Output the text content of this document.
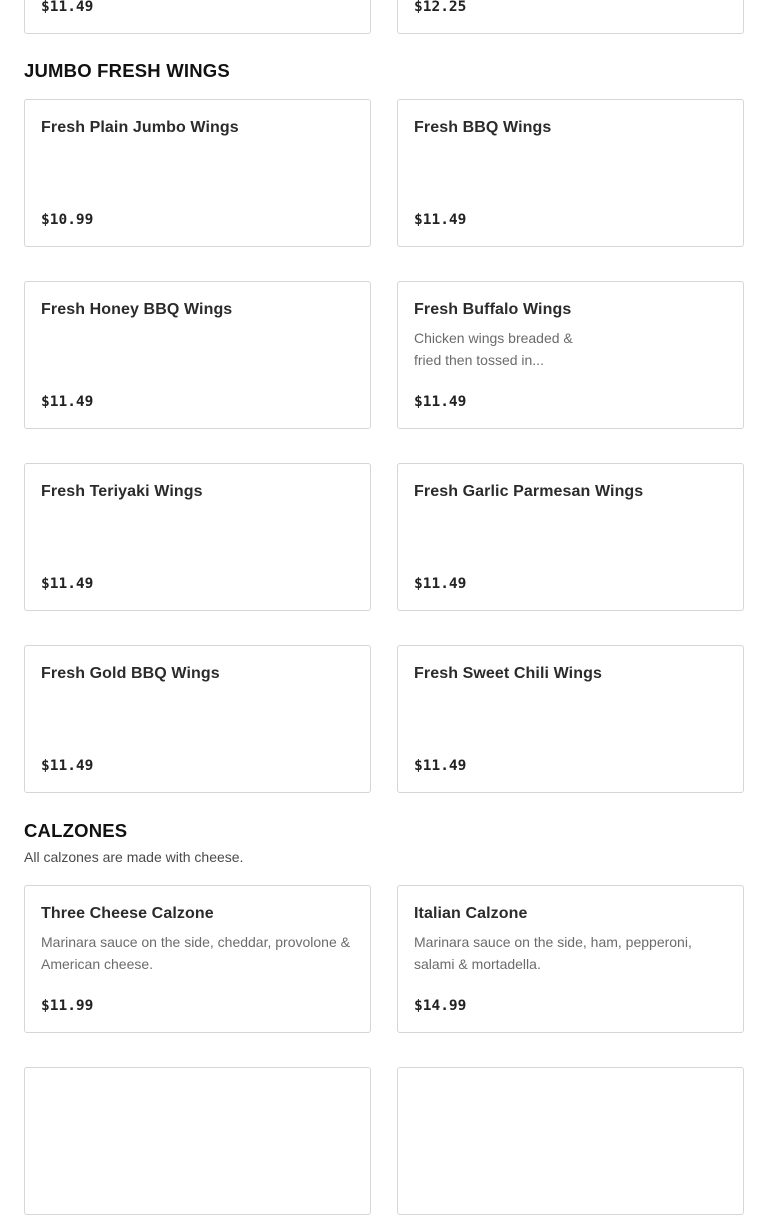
$11.49	$12.25
JUMBO FRESH WINGS
Fresh Plain Jumbo Wings
$10.99
Fresh BBQ Wings
$11.49
Fresh Honey BBQ Wings
$11.49
Fresh Buffalo Wings
Chicken wings breaded & fried then tossed in...
$11.49
Fresh Teriyaki Wings
$11.49
Fresh Garlic Parmesan Wings
$11.49
Fresh Gold BBQ Wings
$11.49
Fresh Sweet Chili Wings
$11.49
CALZONES
All calzones are made with cheese.
Three Cheese Calzone
Marinara sauce on the side, cheddar, provolone & American cheese.
$11.99
Italian Calzone
Marinara sauce on the side, ham, pepperoni, salami & mortadella.
$14.99
